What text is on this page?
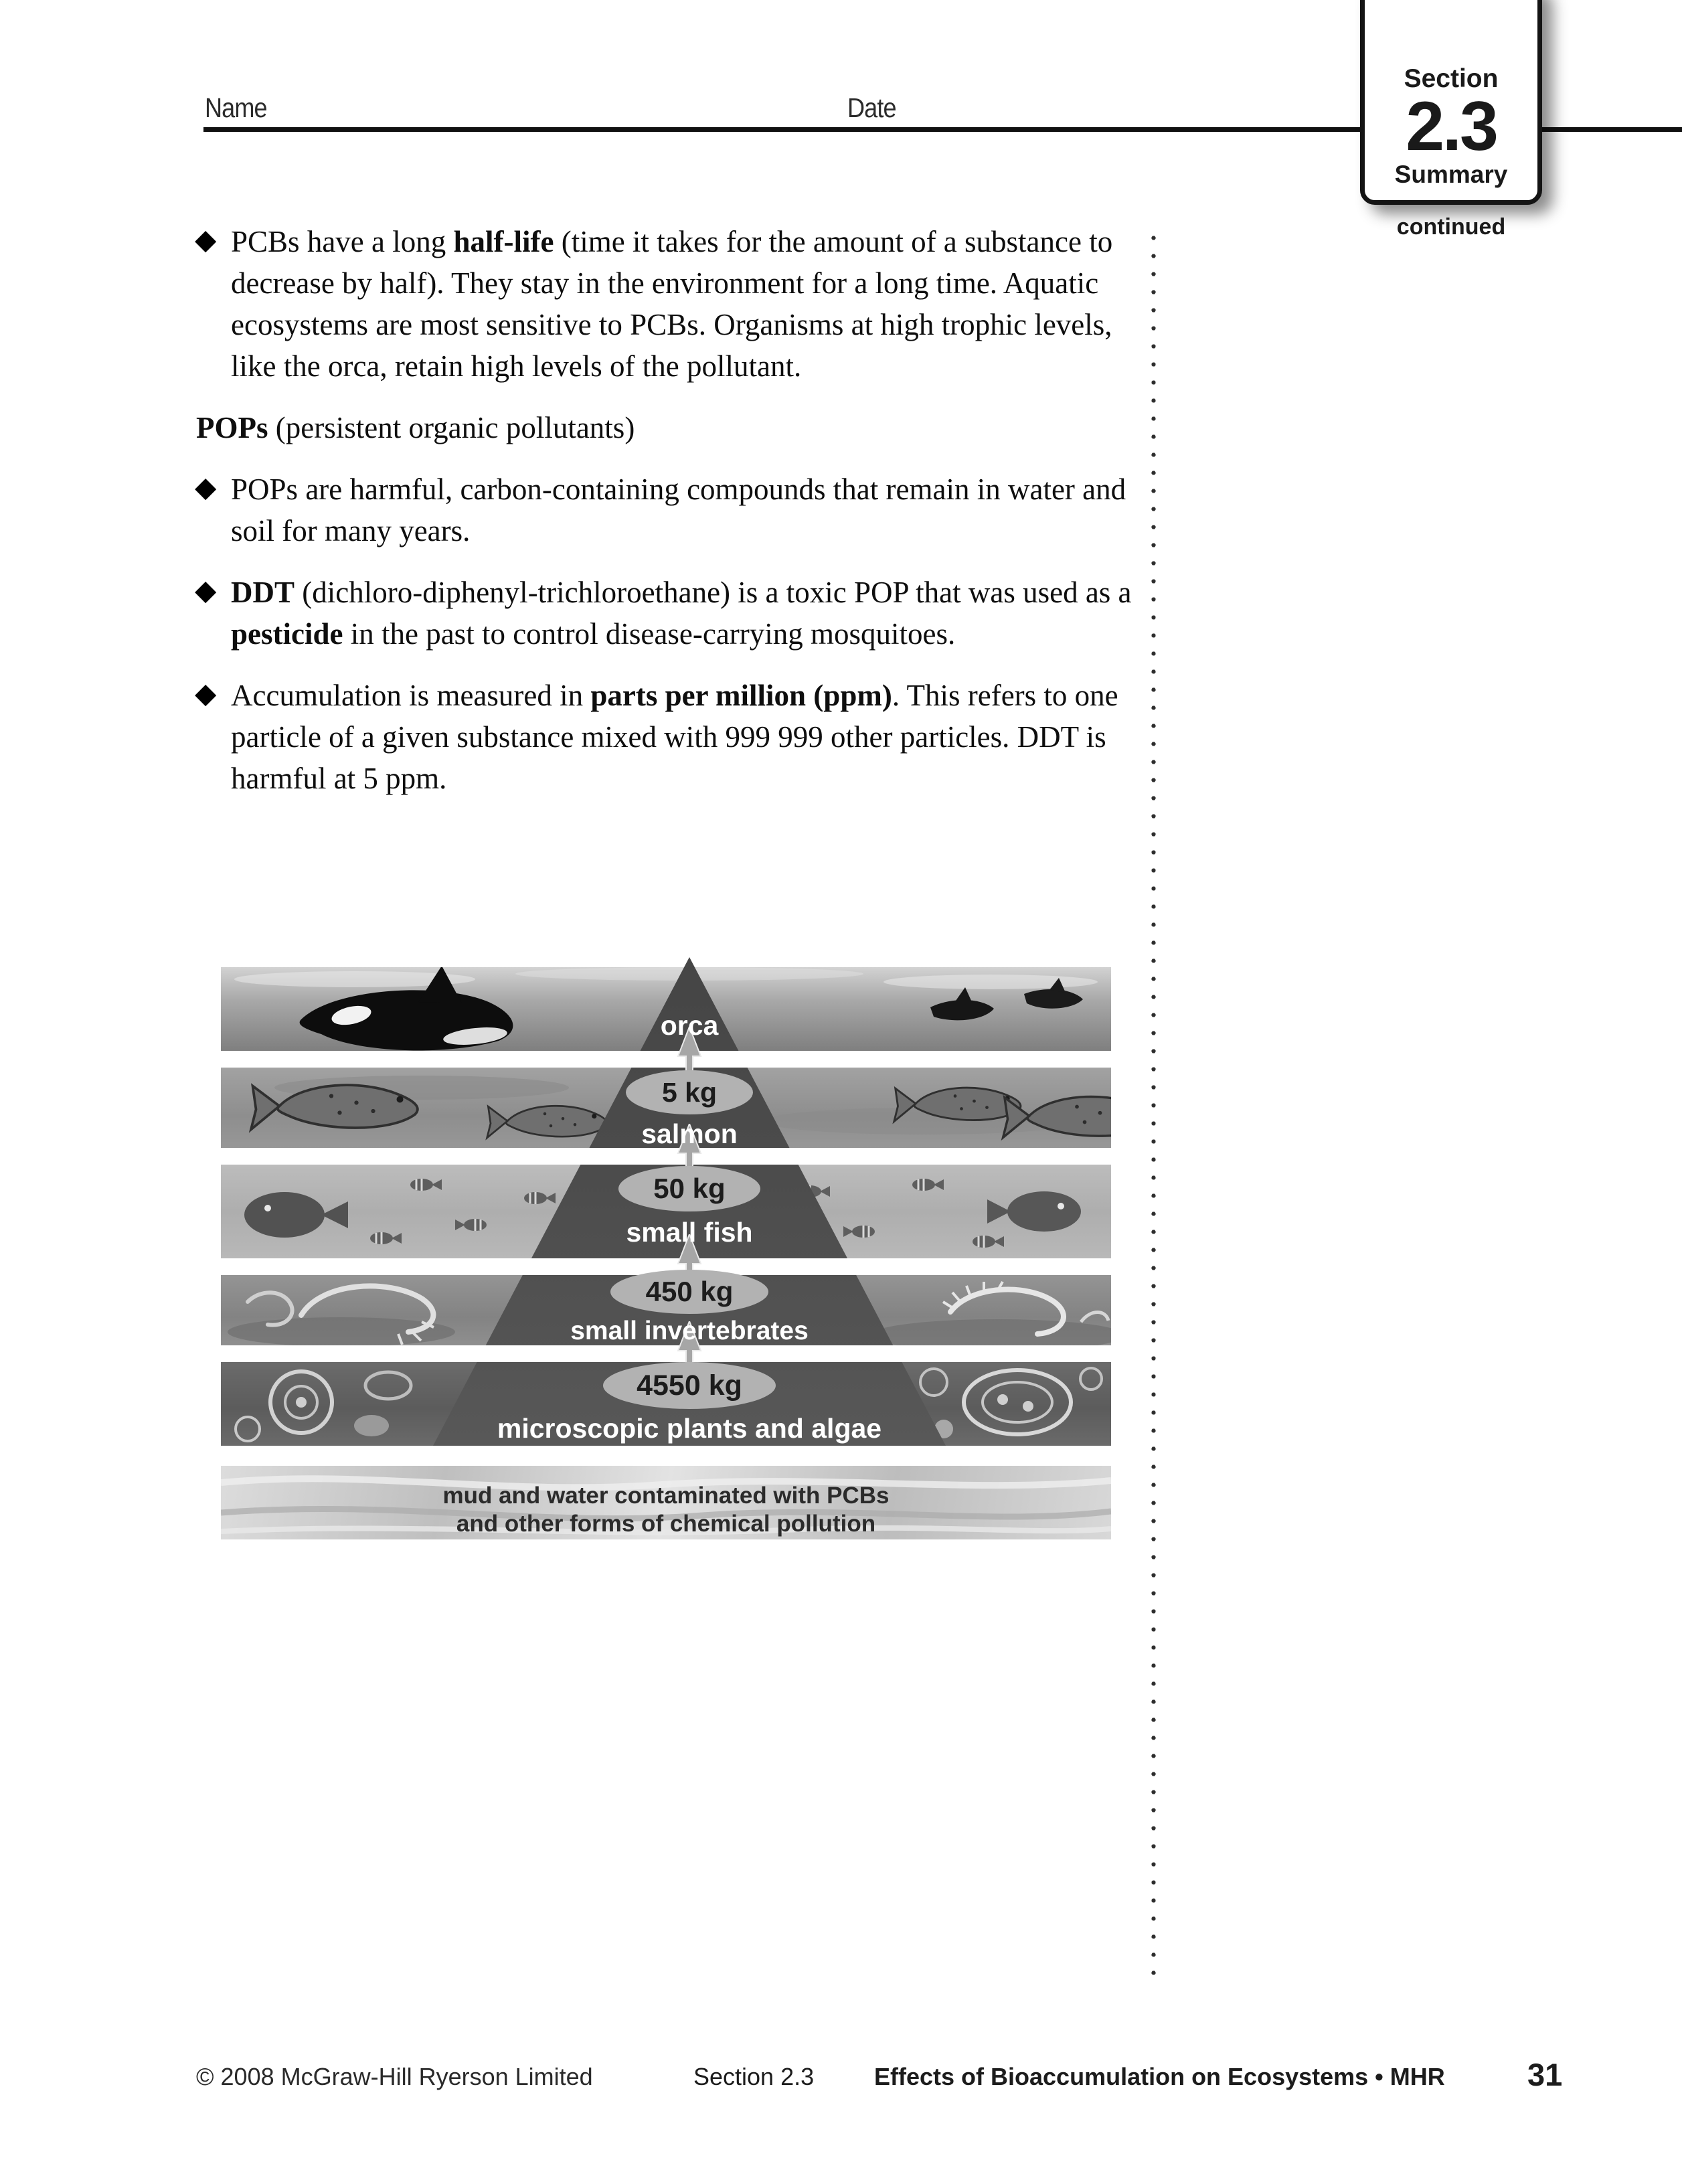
Name	Date
Section
2.3
Summary
continued

◆ PCBs have a long half-life (time it takes for the amount of a substance to decrease by half). They stay in the environment for a long time. Aquatic ecosystems are most sensitive to PCBs. Organisms at high trophic levels, like the orca, retain high levels of the pollutant.

POPs (persistent organic pollutants)

◆ POPs are harmful, carbon-containing compounds that remain in water and soil for many years.

◆ DDT (dichloro-diphenyl-trichloroethane) is a toxic POP that was used as a pesticide in the past to control disease-carrying mosquitoes.

◆ Accumulation is measured in parts per million (ppm). This refers to one particle of a given substance mixed with 999 999 other particles. DDT is harmful at 5 ppm.

orca
5 kg
salmon
50 kg
small fish
450 kg
small invertebrates
4550 kg
microscopic plants and algae
mud and water contaminated with PCBs
and other forms of chemical pollution
© 2008 McGraw-Hill Ryerson Limited	Section 2.3 Effects of Bioaccumulation on Ecosystems • MHR	31
